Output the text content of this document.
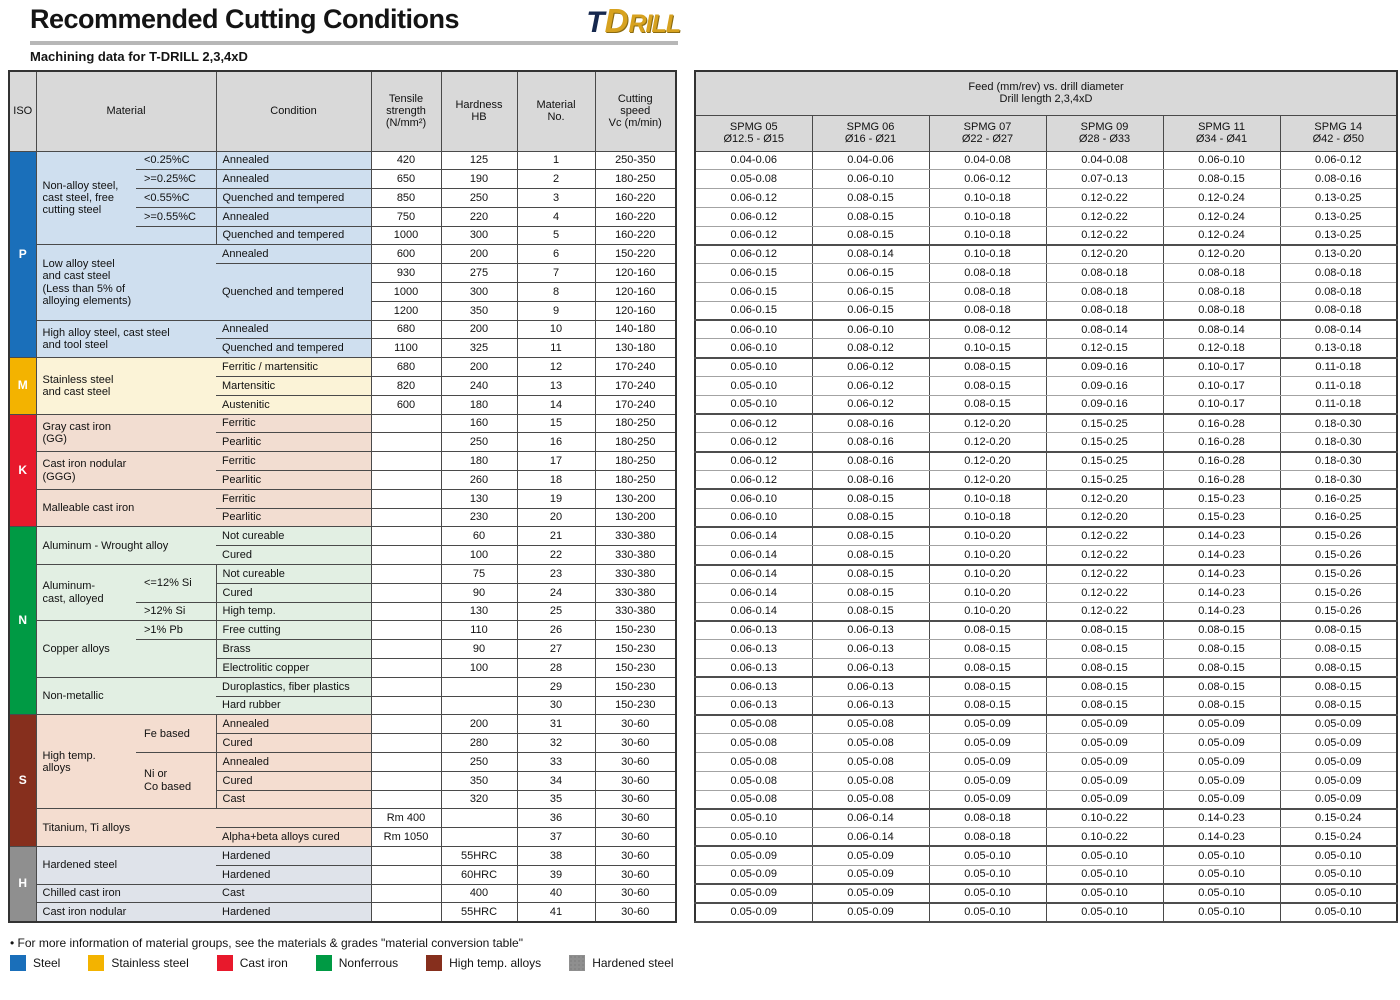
Recommended Cutting Conditions	TDRILL
Machining data for T-DRILL 2,3,4xD
ISO	Material		Condition	Tensile
strength
(N/mm²)	Hardness
HB	Material
No.	Cutting
speed
Vc (m/min)
P	Non-alloy steel,
cast steel, free
cutting steel	<0.25%C	Annealed	420	125	1	250-350
		>=0.25%C	Annealed	650	190	2	180-250
		<0.55%C	Quenched and tempered	850	250	3	160-220
		>=0.55%C	Annealed	750	220	4	160-220
			Quenched and tempered	1000	300	5	160-220
	Low alloy steel
and cast steel
(Less than 5% of
alloying elements)		Annealed	600	200	6	150-220
			Quenched and tempered	930	275	7	120-160
				1000	300	8	120-160
				1200	350	9	120-160
	High alloy steel, cast steel
and tool steel		Annealed	680	200	10	140-180
			Quenched and tempered	1100	325	11	130-180
M	Stainless steel
and cast steel		Ferritic / martensitic	680	200	12	170-240
			Martensitic	820	240	13	170-240
			Austenitic	600	180	14	170-240
K	Gray cast iron
(GG)		Ferritic		160	15	180-250
			Pearlitic		250	16	180-250
	Cast iron nodular
(GGG)		Ferritic		180	17	180-250
			Pearlitic		260	18	180-250
	Malleable cast iron		Ferritic		130	19	130-200
			Pearlitic		230	20	130-200
N	Aluminum - Wrought alloy		Not cureable		60	21	330-380
			Cured		100	22	330-380
	Aluminum-
cast, alloyed	<=12% Si	Not cureable		75	23	330-380
			Cured		90	24	330-380
		>12% Si	High temp.		130	25	330-380
	Copper alloys	>1% Pb	Free cutting		110	26	150-230
			Brass		90	27	150-230
			Electrolitic copper		100	28	150-230
	Non-metallic		Duroplastics, fiber plastics			29	150-230
			Hard rubber			30	150-230
S	High temp.
alloys	Fe based	Annealed		200	31	30-60
			Cured		280	32	30-60
		Ni or
Co based	Annealed		250	33	30-60
			Cured		350	34	30-60
			Cast		320	35	30-60
	Titanium, Ti alloys			Rm 400		36	30-60
			Alpha+beta alloys cured	Rm 1050		37	30-60
H	Hardened steel		Hardened		55HRC	38	30-60
			Hardened		60HRC	39	30-60
	Chilled cast iron		Cast		400	40	30-60
	Cast iron nodular		Hardened		55HRC	41	30-60
Feed (mm/rev) vs. drill diameter
Drill length 2,3,4xD					
SPMG 05
Ø12.5 - Ø15	SPMG 06
Ø16 - Ø21	SPMG 07
Ø22 - Ø27	SPMG 09
Ø28 - Ø33	SPMG 11
Ø34 - Ø41	SPMG 14
Ø42 - Ø50
0.04-0.06	0.04-0.06	0.04-0.08	0.04-0.08	0.06-0.10	0.06-0.12
0.05-0.08	0.06-0.10	0.06-0.12	0.07-0.13	0.08-0.15	0.08-0.16
0.06-0.12	0.08-0.15	0.10-0.18	0.12-0.22	0.12-0.24	0.13-0.25
0.06-0.12	0.08-0.15	0.10-0.18	0.12-0.22	0.12-0.24	0.13-0.25
0.06-0.12	0.08-0.15	0.10-0.18	0.12-0.22	0.12-0.24	0.13-0.25
0.06-0.12	0.08-0.14	0.10-0.18	0.12-0.20	0.12-0.20	0.13-0.20
0.06-0.15	0.06-0.15	0.08-0.18	0.08-0.18	0.08-0.18	0.08-0.18
0.06-0.15	0.06-0.15	0.08-0.18	0.08-0.18	0.08-0.18	0.08-0.18
0.06-0.15	0.06-0.15	0.08-0.18	0.08-0.18	0.08-0.18	0.08-0.18
0.06-0.10	0.06-0.10	0.08-0.12	0.08-0.14	0.08-0.14	0.08-0.14
0.06-0.10	0.08-0.12	0.10-0.15	0.12-0.15	0.12-0.18	0.13-0.18
0.05-0.10	0.06-0.12	0.08-0.15	0.09-0.16	0.10-0.17	0.11-0.18
0.05-0.10	0.06-0.12	0.08-0.15	0.09-0.16	0.10-0.17	0.11-0.18
0.05-0.10	0.06-0.12	0.08-0.15	0.09-0.16	0.10-0.17	0.11-0.18
0.06-0.12	0.08-0.16	0.12-0.20	0.15-0.25	0.16-0.28	0.18-0.30
0.06-0.12	0.08-0.16	0.12-0.20	0.15-0.25	0.16-0.28	0.18-0.30
0.06-0.12	0.08-0.16	0.12-0.20	0.15-0.25	0.16-0.28	0.18-0.30
0.06-0.12	0.08-0.16	0.12-0.20	0.15-0.25	0.16-0.28	0.18-0.30
0.06-0.10	0.08-0.15	0.10-0.18	0.12-0.20	0.15-0.23	0.16-0.25
0.06-0.10	0.08-0.15	0.10-0.18	0.12-0.20	0.15-0.23	0.16-0.25
0.06-0.14	0.08-0.15	0.10-0.20	0.12-0.22	0.14-0.23	0.15-0.26
0.06-0.14	0.08-0.15	0.10-0.20	0.12-0.22	0.14-0.23	0.15-0.26
0.06-0.14	0.08-0.15	0.10-0.20	0.12-0.22	0.14-0.23	0.15-0.26
0.06-0.14	0.08-0.15	0.10-0.20	0.12-0.22	0.14-0.23	0.15-0.26
0.06-0.14	0.08-0.15	0.10-0.20	0.12-0.22	0.14-0.23	0.15-0.26
0.06-0.13	0.06-0.13	0.08-0.15	0.08-0.15	0.08-0.15	0.08-0.15
0.06-0.13	0.06-0.13	0.08-0.15	0.08-0.15	0.08-0.15	0.08-0.15
0.06-0.13	0.06-0.13	0.08-0.15	0.08-0.15	0.08-0.15	0.08-0.15
0.06-0.13	0.06-0.13	0.08-0.15	0.08-0.15	0.08-0.15	0.08-0.15
0.06-0.13	0.06-0.13	0.08-0.15	0.08-0.15	0.08-0.15	0.08-0.15
0.05-0.08	0.05-0.08	0.05-0.09	0.05-0.09	0.05-0.09	0.05-0.09
0.05-0.08	0.05-0.08	0.05-0.09	0.05-0.09	0.05-0.09	0.05-0.09
0.05-0.08	0.05-0.08	0.05-0.09	0.05-0.09	0.05-0.09	0.05-0.09
0.05-0.08	0.05-0.08	0.05-0.09	0.05-0.09	0.05-0.09	0.05-0.09
0.05-0.08	0.05-0.08	0.05-0.09	0.05-0.09	0.05-0.09	0.05-0.09
0.05-0.10	0.06-0.14	0.08-0.18	0.10-0.22	0.14-0.23	0.15-0.24
0.05-0.10	0.06-0.14	0.08-0.18	0.10-0.22	0.14-0.23	0.15-0.24
0.05-0.09	0.05-0.09	0.05-0.10	0.05-0.10	0.05-0.10	0.05-0.10
0.05-0.09	0.05-0.09	0.05-0.10	0.05-0.10	0.05-0.10	0.05-0.10
0.05-0.09	0.05-0.09	0.05-0.10	0.05-0.10	0.05-0.10	0.05-0.10
0.05-0.09	0.05-0.09	0.05-0.10	0.05-0.10	0.05-0.10	0.05-0.10
• For more information of material groups, see the materials & grades "material conversion table"
Steel	Stainless steel	Cast iron	Nonferrous	High temp. alloys	Hardened steel
